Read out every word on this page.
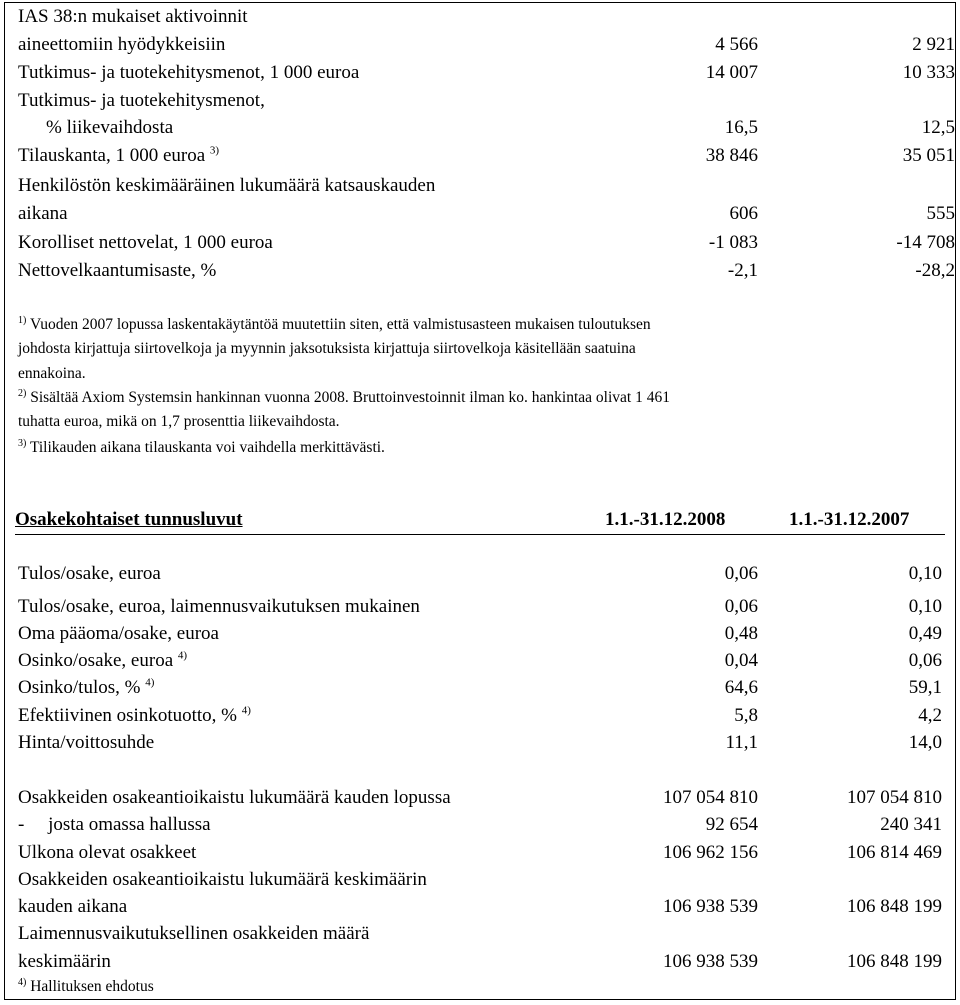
IAS 38:n mukaiset aktivoinnit
aineettomiin hyödykkeisiin	4 566	2 921
Tutkimus- ja tuotekehitysmenot, 1 000 euroa	14 007	10 333
Tutkimus- ja tuotekehitysmenot,
% liikevaihdosta	16,5	12,5
Tilauskanta, 1 000 euroa $^{3)}$	38 846	35 051
Henkilöstön keskimääräinen lukumäärä katsauskauden
aikana	606	555
Korolliset nettovelat, 1 000 euroa	-1 083	-14 708
Nettovelkaantumisaste, %	-2,1	-28,2
$^{1)}$ Vuoden 2007 lopussa laskentakäytäntöä muutettiin siten, että valmistusasteen mukaisen tuloutuksen
johdosta kirjattuja siirtovelkoja ja myynnin jaksotuksista kirjattuja siirtovelkoja käsitellään saatuina
ennakoina.
$^{2)}$ Sisältää Axiom Systemsin hankinnan vuonna 2008. Bruttoinvestoinnit ilman ko. hankintaa olivat 1 461
tuhatta euroa, mikä on 1,7 prosenttia liikevaihdosta.
$^{3)}$ Tilikauden aikana tilauskanta voi vaihdella merkittävästi.
Osakekohtaiset tunnusluvut	1.1.-31.12.2008	1.1.-31.12.2007
Tulos/osake, euroa	0,06	0,10
Tulos/osake, euroa, laimennusvaikutuksen mukainen	0,06	0,10
Oma pääoma/osake, euroa	0,48	0,49
Osinko/osake, euroa $^{4)}$	0,04	0,06
Osinko/tulos, % $^{4)}$	64,6	59,1
Efektiivinen osinkotuotto, % $^{4)}$	5,8	4,2
Hinta/voittosuhde	11,1	14,0
Osakkeiden osakeantioikaistu lukumäärä kauden lopussa	107 054 810	107 054 810
-     josta omassa hallussa	92 654	240 341
Ulkona olevat osakkeet	106 962 156	106 814 469
Osakkeiden osakeantioikaistu lukumäärä keskimäärin
kauden aikana	106 938 539	106 848 199
Laimennusvaikutuksellinen osakkeiden määrä
keskimäärin	106 938 539	106 848 199
$^{4)}$ Hallituksen ehdotus
